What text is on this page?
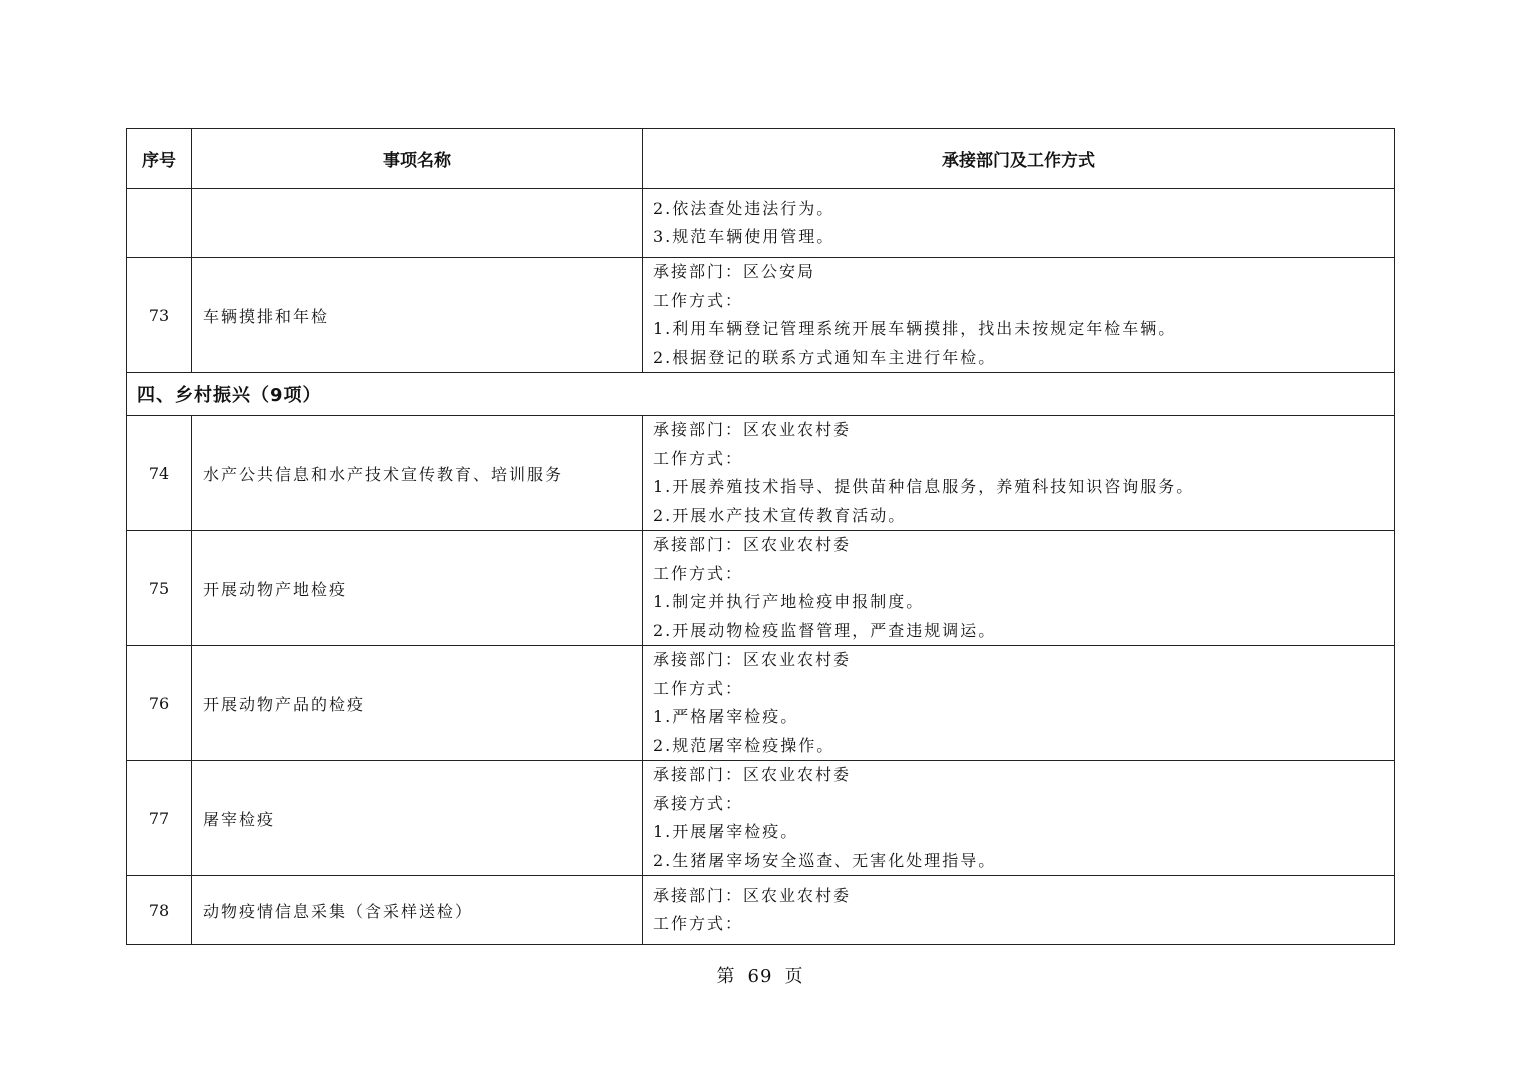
序号	事项名称	承接部门及工作方式

		2.依法查处违法行为。
3.规范车辆使用管理。

73	车辆摸排和年检	承接部门：区公安局
工作方式：
1.利用车辆登记管理系统开展车辆摸排，找出未按规定年检车辆。
2.根据登记的联系方式通知车主进行年检。

四、乡村振兴（9项）		
74	水产公共信息和水产技术宣传教育、培训服务	承接部门：区农业农村委
工作方式：
1.开展养殖技术指导、提供苗种信息服务，养殖科技知识咨询服务。
2.开展水产技术宣传教育活动。

75	开展动物产地检疫	承接部门：区农业农村委
工作方式：
1.制定并执行产地检疫申报制度。
2.开展动物检疫监督管理，严查违规调运。

76	开展动物产品的检疫	承接部门：区农业农村委
工作方式：
1.严格屠宰检疫。
2.规范屠宰检疫操作。

77	屠宰检疫	承接部门：区农业农村委
承接方式：
1.开展屠宰检疫。
2.生猪屠宰场安全巡查、无害化处理指导。

78	动物疫情信息采集（含采样送检）	承接部门：区农业农村委
工作方式：
第 69 页
